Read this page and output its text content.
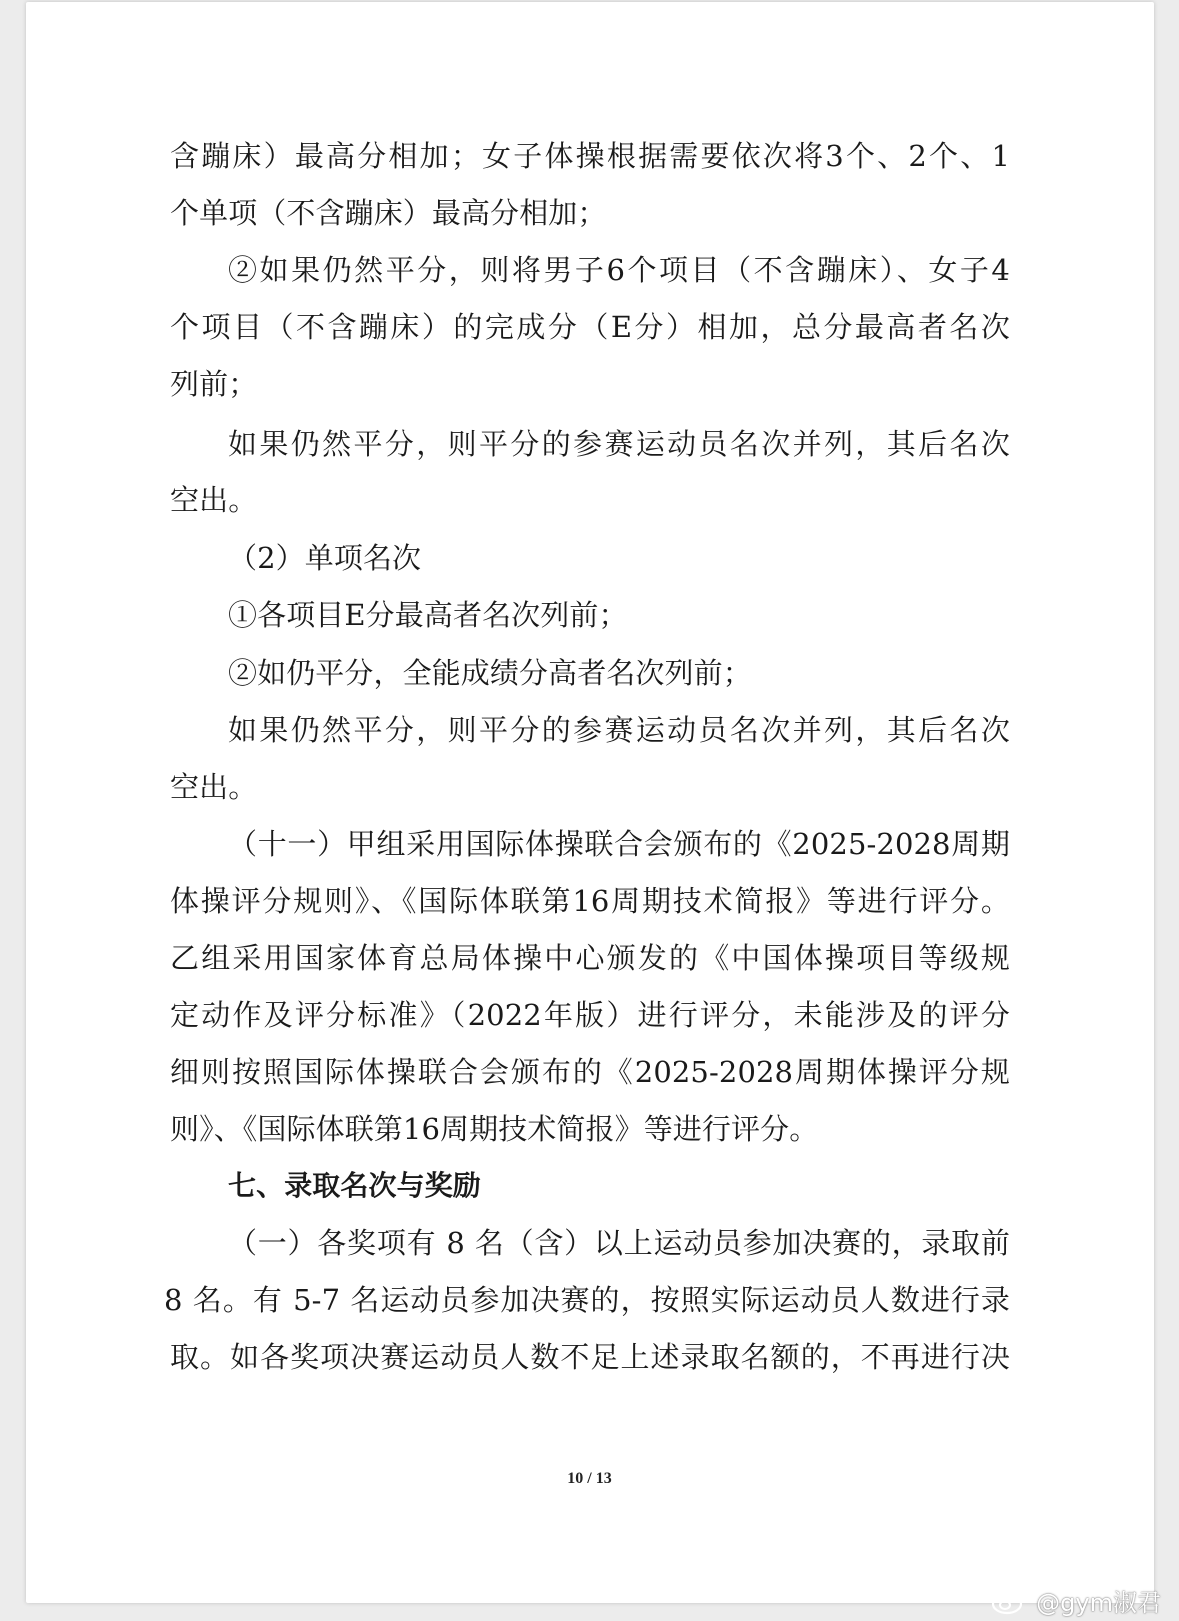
含蹦床）最高分相加；女子体操根据需要依次将3个、2个、1
个单项（不含蹦床）最高分相加；
②如果仍然平分，则将男子6个项目（不含蹦床）、女子4
个项目（不含蹦床）的完成分（E分）相加，总分最高者名次
列前；
如果仍然平分，则平分的参赛运动员名次并列，其后名次
空出。
（2）单项名次
①各项目E分最高者名次列前；
②如仍平分，全能成绩分高者名次列前；
如果仍然平分，则平分的参赛运动员名次并列，其后名次
空出。
（十一）甲组采用国际体操联合会颁布的《2025-2028周期
体操评分规则》、《国际体联第16周期技术简报》等进行评分。
乙组采用国家体育总局体操中心颁发的《中国体操项目等级规
定动作及评分标准》（2022年版）进行评分，未能涉及的评分
细则按照国际体操联合会颁布的《2025-2028周期体操评分规
则》、《国际体联第16周期技术简报》等进行评分。
七、录取名次与奖励
（一）各奖项有 8 名（含）以上运动员参加决赛的，录取前
8 名。有 5-7 名运动员参加决赛的，按照实际运动员人数进行录
取。如各奖项决赛运动员人数不足上述录取名额的，不再进行决
10 / 13
@gym淑君
